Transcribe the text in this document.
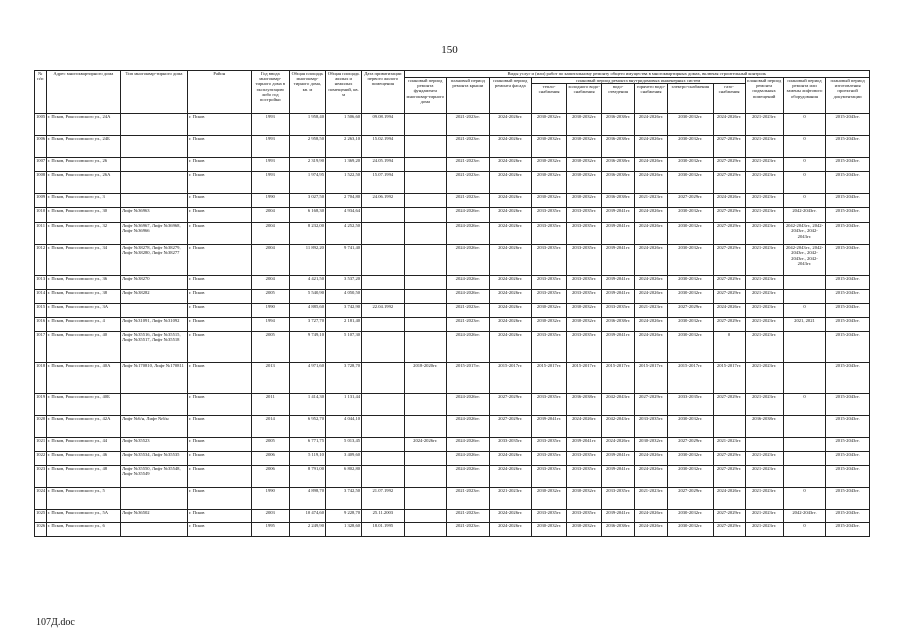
150
№ п/п	Адрес многоквартирного дома	Тип многоквар-тирного дома	Район	Год ввода многоквар-тирного дома в эксплуатацию либо год постройки	Общая площадь многоквар-тирного дома, кв. м	Общая площадь жилых и нежилых помещений, кв. м	Дата приватизации первого жилого помещения	Виды услуг и (или) работ по капитальному ремонту общего имущества в многоквартирных домах, включая строительный контроль											
								плановый период ремонта фундамента многоквар-тирного дома	плановый период ремонта крыши	плановый период ремонта фасада	плановый период ремонта внутридомовых инженерных систем						плановый период ремонта подвальных помещений	плановый период ремонта или замены лифтового оборудования	плановый период изготовления проектной документации
											тепло-снабжения	холодного водо-снабжения	водо-отведения	горячего водо-снабжения	электро-снабжения	газо-снабжения			
1005	г. Псков, Рокоссовского ул., 24А		г. Псков	1993	1 958,40	1 506,60	09.08.1994		2021-2023гг.	2024-2026гг.	2030-2032гг.	2030-2032гг.	2036-2038гг.	2024-2026гг.	2030-2032гг.	2024-2026гг.	2021-2023гг.	0	2015-2043гг.
1006	г. Псков, Рокоссовского ул., 24Б		г. Псков	1993	2 958,50	2 263,10	15.02.1994		2021-2023гг.	2024-2026гг.	2030-2032гг.	2030-2032гг.	2036-2038гг.	2024-2026гг.	2030-2032гг.	2027-2029гг.	2021-2023гг.	0	2015-2043гг.
1007	г. Псков, Рокоссовского ул., 26		г. Псков	1993	2 319,90	1 369,20	24.05.1994		2021-2023гг.	2024-2026гг.	2030-2032гг.	2030-2032гг.	2036-2038гг.	2024-2026гг.	2030-2032гг.	2027-2029гг.	2021-2023гг.	0	2015-2043гг.
1008	г. Псков, Рокоссовского ул., 26А		г. Псков	1993	1 974,95	1 522,50	15.07.1994		2021-2023гг.	2024-2026гг.	2030-2032гг.	2030-2032гг.	2036-2038гг.	2024-2026гг.	2030-2032гг.	2027-2029гг.	2021-2023гг.	0	2015-2043гг.
1009	г. Псков, Рокоссовского ул., 3		г. Псков	1990	3 027,50	2 704,80	24.06.1992		2021-2023гг.	2024-2026гг.	2030-2032гг.	2030-2032гг.	2036-2038гг.	2021-2023гг.	2027-2029гг.	2024-2026гг.	2021-2023гг.	0	2015-2043гг.
1010	г. Псков, Рокоссовского ул., 30	Лифт №36963	г. Псков	2004	6 168,30	4 934,64			2024-2026гг.	2024-2026гг.	2033-2035гг.	2033-2035гг.	2039-2041гг.	2024-2026гг.	2030-2032гг.	2027-2029гг.	2021-2023гг.	2042-2043гг.	2015-2043гг.
1011	г. Псков, Рокоссовского ул., 32	Лифт №36967, Лифт №36968, Лифт №36966	г. Псков	2004	8 232,00	4 252,50			2024-2026гг.	2024-2026гг.	2033-2035гг.	2033-2035гг.	2039-2041гг.	2024-2026гг.	2030-2032гг.	2027-2029гг.	2021-2023гг.	2042-2043гг., 2042-2043гг., 2042-2043гг.	2015-2043гг.
1012	г. Псков, Рокоссовского ул., 34	Лифт №38278, Лифт №38279, Лифт №38280, Лифт №38277	г. Псков	2004	11 892,20	9 741,40			2024-2026гг.	2024-2026гг.	2033-2035гг.	2033-2035гг.	2039-2041гг.	2024-2026гг.	2030-2032гг.	2027-2029гг.	2021-2023гг.	2042-2043гг., 2042-2043гг., 2042-2043гг., 2042-2043гг.	2015-2043гг.
1013	г. Псков, Рокоссовского ул., 36	Лифт №38270	г. Псков	2004	4 421,50	3 537,20			2024-2026гг.	2024-2026гг.	2033-2035гг.	2033-2035гг.	2039-2041гг.	2024-2026гг.	2030-2032гг.	2027-2029гг.	2021-2023гг.		2015-2043гг.
1014	г. Псков, Рокоссовского ул., 38	Лифт №38282	г. Псков	2005	5 540,90	4 050,50			2024-2026гг.	2024-2026гг.	2033-2035гг.	2033-2035гг.	2039-2041гг.	2024-2026гг.	2030-2032гг.	2027-2029гг.	2021-2023гг.		2015-2043гг.
1015	г. Псков, Рокоссовского ул., 3А		г. Псков	1990	4 885,60	3 742,90	22.04.1992		2021-2023гг.	2024-2026гг.	2030-2032гг.	2030-2032гг.	2033-2035гг.	2021-2023гг.	2027-2029гг.	2024-2026гг.	2021-2023гг.	0	2015-2043гг.
1016	г. Псков, Рокоссовского ул., 4	Лифт №31091, Лифт №31092	г. Псков	1994	3 727,70	2 181,40			2021-2023гг.	2024-2026гг.	2030-2032гг.	2030-2032гг.	2036-2038гг.	2024-2026гг.	2030-2032гг.	2027-2029гг.	2021-2023гг.	2021, 2021	2015-2043гг.
1017	г. Псков, Рокоссовского ул., 40	Лифт №35516, Лифт №35515, Лифт №35517, Лифт №35518	г. Псков	2005	9 749,10	5 107,30			2024-2026гг.	2024-2026гг.	2033-2035гг.	2033-2035гг.	2039-2041гг.	2024-2026гг.	2030-2032гг.	0	2021-2023гг.		2015-2043гг.
1018	г. Псков, Рокоссовского ул., 40А	Лифт №170810, Лифт №170811	г. Псков	2013	4 971,60	3 728,70		2018-2020гг.	2015-2017гг.	2015-2017гг.	2015-2017гг.	2015-2017гг.	2015-2017гг.	2015-2017гг.	2015-2017гг.	2015-2017гг.	2021-2023гг.		2015-2043гг.
1019	г. Псков, Рокоссовского ул., 40Б		г. Псков	2011	1 414,30	1 131,44			2024-2026гг.	2027-2029гг.	2033-2035гг.	2036-2038гг.	2042-2043гг.	2027-2029гг.	2033-2035гг.	2027-2029гг.	2021-2023гг.	0	2015-2043гг.
1020	г. Псков, Рокоссовского ул., 42А	Лифт №6/н, Лифт №6/н	г. Псков	2014	6 952,70	4 044,10			2024-2026гг.	2027-2029гг.	2039-2041гг.	2024-2026гг.	2042-2043гг.	2033-2035гг.	2030-2032гг.		2036-2038гг.		2015-2043гг.
1021	г. Псков, Рокоссовского ул., 44	Лифт №35523	г. Псков	2005	6 771,75	5 013,45		2024-2026гг.	2024-2026гг.	2033-2035гг.	2033-2035гг.	2039-2041гг.	2024-2026гг.	2030-2032гг.	2027-2029гг.	2021-2023гг.			2015-2043гг.
1022	г. Псков, Рокоссовского ул., 46	Лифт №35534, Лифт №35535	г. Псков	2006	5 119,10	3 409,60			2024-2026гг.	2024-2026гг.	2033-2035гг.	2033-2035гг.	2039-2041гг.	2024-2026гг.	2030-2032гг.	2027-2029гг.	2021-2023гг.		2015-2043гг.
1023	г. Псков, Рокоссовского ул., 48	Лифт №35550, Лифт №35548, Лифт №35549	г. Псков	2006	8 791,00	6 802,80			2024-2026гг.	2024-2026гг.	2033-2035гг.	2033-2035гг.	2039-2041гг.	2024-2026гг.	2030-2032гг.	2027-2029гг.	2021-2023гг.		2015-2043гг.
1024	г. Псков, Рокоссовского ул., 5		г. Псков	1990	4 898,70	3 742,50	21.07.1992		2021-2023гг.	2021-2023гг.	2030-2032гг.	2030-2032гг.	2033-2035гг.	2021-2023гг.	2027-2029гг.	2024-2026гг.	2021-2023гг.	0	2015-2043гг.
1025	г. Псков, Рокоссовского ул., 5А	Лифт №36502	г. Псков	2003	10 474,60	9 228,70	25.11.2003		2021-2023гг.	2024-2026гг.	2033-2035гг.	2033-2035гг.	2039-2041гг.	2024-2026гг.	2030-2032гг.	2027-2029гг.	2021-2023гг.	2042-2043гг.	2015-2043гг.
1026	г. Псков, Рокоссовского ул., 6		г. Псков	1995	2 249,90	1 328,60	18.01.1995		2021-2023гг.	2024-2026гг.	2030-2032гг.	2030-2032гг.	2036-2038гг.	2024-2026гг.	2030-2032гг.	2027-2029гг.	2021-2023гг.	0	2015-2043гг.
107Д.doc
